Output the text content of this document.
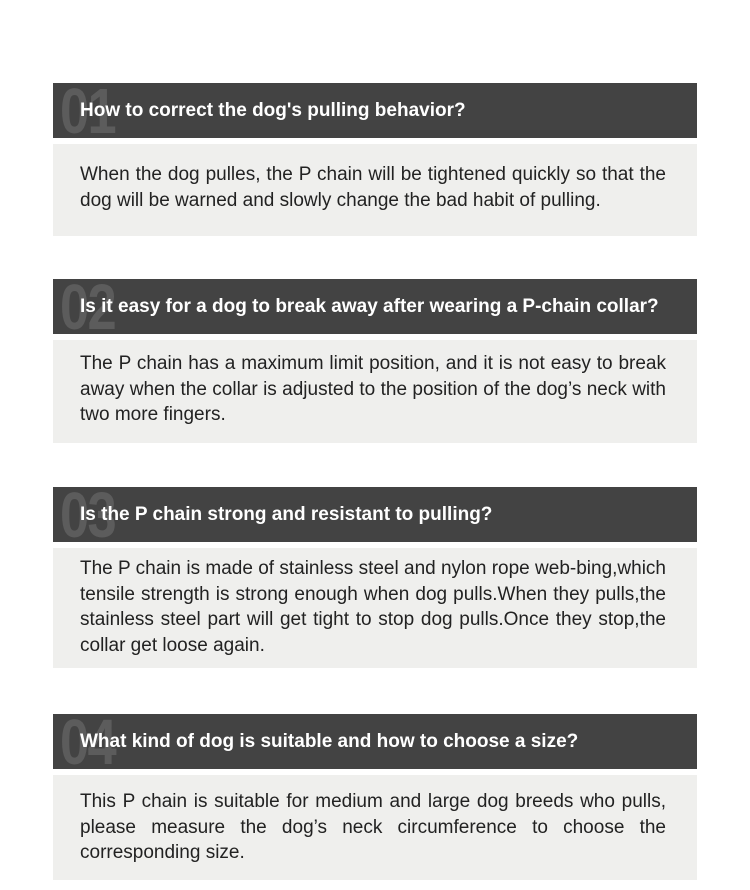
01
How to correct the dog's pulling behavior?

When the dog pulles, the P chain will be tightened quickly so that the dog will be warned and slowly change the bad habit of pulling.

02
Is it easy for a dog to break away after wearing a P-chain collar?

The P chain has a maximum limit position, and it is not easy to break away when the collar is adjusted to the position of the dog’s neck with two more fingers.

03
Is the P chain strong and resistant to pulling?

The P chain is made of stainless steel and nylon rope web-bing,which tensile strength is strong enough when dog pulls.When they pulls,the stainless steel part will get tight to stop dog pulls.Once they stop,the collar get loose again.

04
What kind of dog is suitable and how to choose a size?

This P chain is suitable for medium and large dog breeds who pulls, please measure the dog’s neck circumference to choose the corresponding size.
